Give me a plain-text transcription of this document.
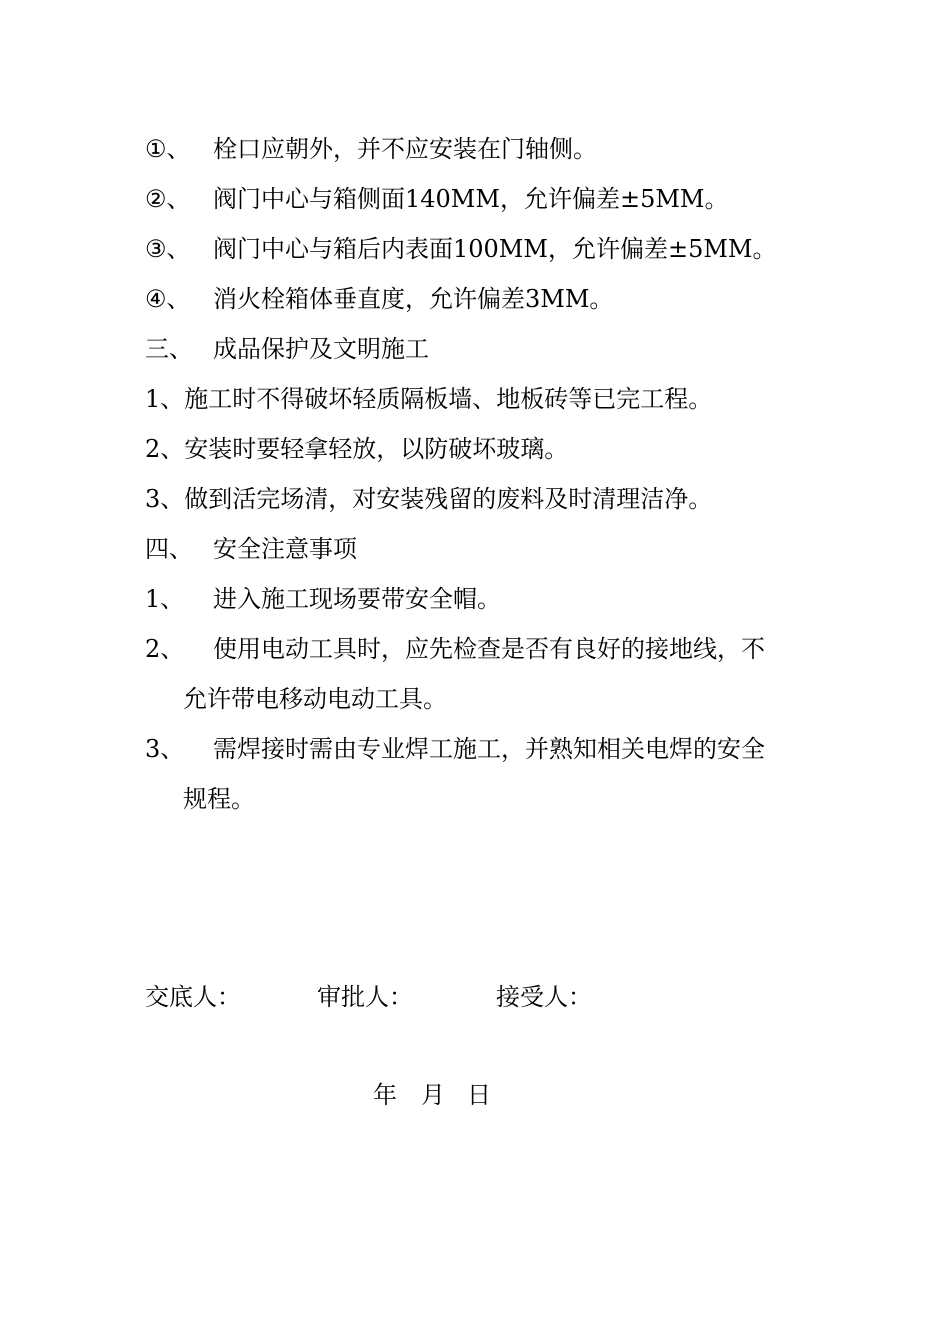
①、 栓口应朝外，并不应安装在门轴侧。
②、 阀门中心与箱侧面140MM，允许偏差±5MM。
③、 阀门中心与箱后内表面100MM，允许偏差±5MM。
④、 消火栓箱体垂直度，允许偏差3MM。
三、 成品保护及文明施工
1、施工时不得破坏轻质隔板墙、地板砖等已完工程。
2、安装时要轻拿轻放，以防破坏玻璃。
3、做到活完场清，对安装残留的废料及时清理洁净。
四、 安全注意事项
1、 进入施工现场要带安全帽。
2、 使用电动工具时，应先检查是否有良好的接地线，不
允许带电移动电动工具。
3、 需焊接时需由专业焊工施工，并熟知相关电焊的安全
规程。
交底人：	审批人：	接受人：
年 月 日
